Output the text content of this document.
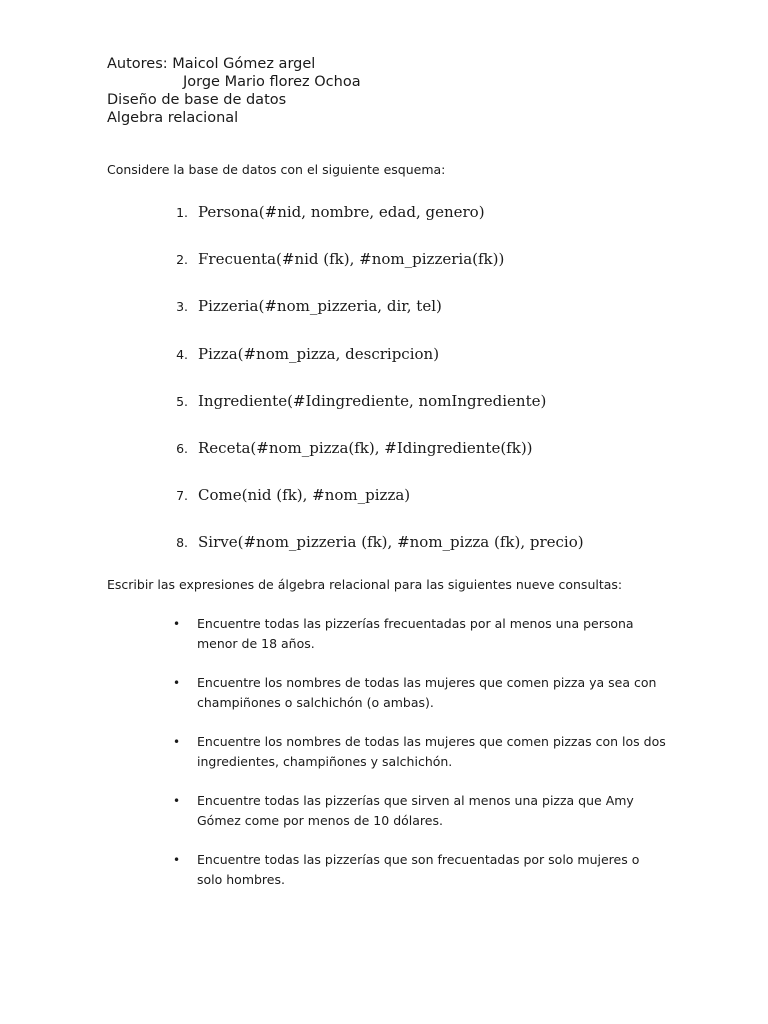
Autores: Maicol Gómez argel
Jorge Mario florez Ochoa
Diseño de base de datos
Algebra relacional
Considere la base de datos con el siguiente esquema:
1. Persona(#nid, nombre, edad, genero)
2. Frecuenta(#nid (fk), #nom_pizzeria(fk))
3. Pizzeria(#nom_pizzeria, dir, tel)
4. Pizza(#nom_pizza, descripcion)
5. Ingrediente(#Idingrediente, nomIngrediente)
6. Receta(#nom_pizza(fk), #Idingrediente(fk))
7. Come(nid (fk), #nom_pizza)
8. Sirve(#nom_pizzeria (fk), #nom_pizza (fk), precio)
Escribir las expresiones de álgebra relacional para las siguientes nueve consultas:
• Encuentre todas las pizzerías frecuentadas por al menos una persona menor de 18 años.
• Encuentre los nombres de todas las mujeres que comen pizza ya sea con champiñones o salchichón (o ambas).
• Encuentre los nombres de todas las mujeres que comen pizzas con los dos ingredientes, champiñones y salchichón.
• Encuentre todas las pizzerías que sirven al menos una pizza que Amy Gómez come por menos de 10 dólares.
• Encuentre todas las pizzerías que son frecuentadas por solo mujeres o solo hombres.
